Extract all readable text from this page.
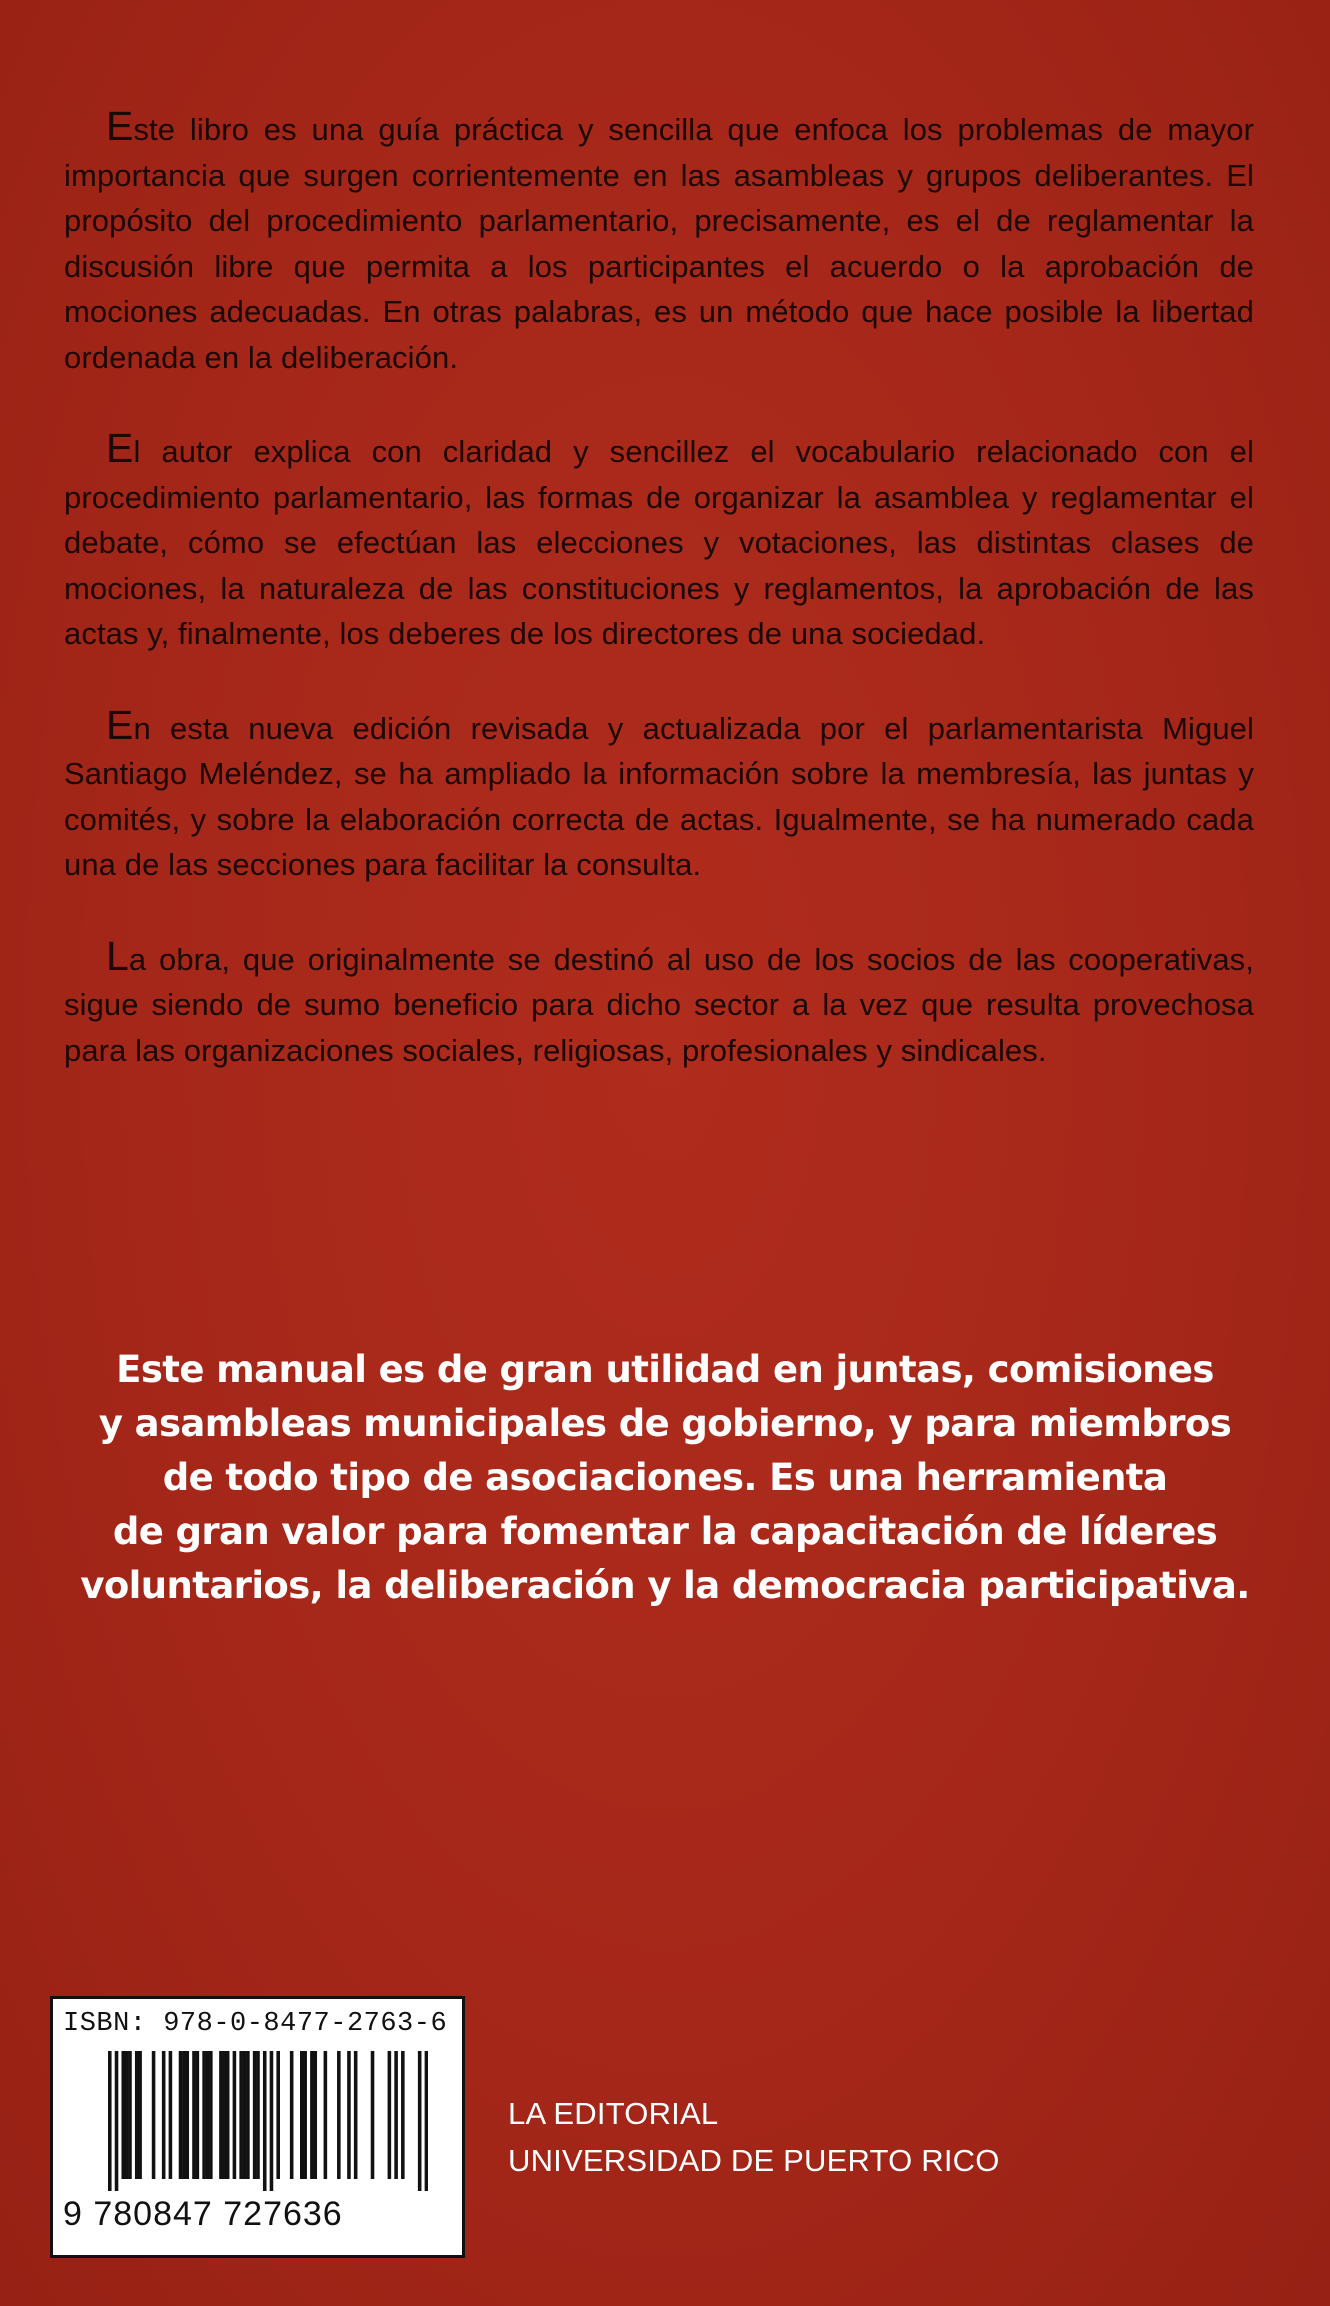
Este libro es una guía práctica y sencilla que enfoca los problemas de mayor importancia que surgen corrientemente en las asambleas y grupos deliberantes. El propósito del procedimiento parlamentario, precisamente, es el de reglamentar la discusión libre que permita a los participantes el acuerdo o la aprobación de mociones adecuadas. En otras palabras, es un método que hace posible la libertad ordenada en la deliberación.

El autor explica con claridad y sencillez el vocabulario relacionado con el procedimiento parlamentario, las formas de organizar la asamblea y reglamentar el debate, cómo se efectúan las elecciones y votaciones, las distintas clases de mociones, la naturaleza de las constituciones y reglamentos, la aprobación de las actas y, finalmente, los deberes de los directores de una sociedad.

En esta nueva edición revisada y actualizada por el parlamentarista Miguel Santiago Meléndez, se ha ampliado la información sobre la membresía, las juntas y comités, y sobre la elaboración correcta de actas. Igualmente, se ha numerado cada una de las secciones para facilitar la consulta.

La obra, que originalmente se destinó al uso de los socios de las cooperativas, sigue siendo de sumo beneficio para dicho sector a la vez que resulta provechosa para las organizaciones sociales, religiosas, profesionales y sindicales.

Este manual es de gran utilidad en juntas, comisiones
y asambleas municipales de gobierno, y para miembros
de todo tipo de asociaciones. Es una herramienta
de gran valor para fomentar la capacitación de líderes
voluntarios, la deliberación y la democracia participativa.
ISBN: 978-0-8477-2763-6
9 780847 727636
LA EDITORIAL
UNIVERSIDAD DE PUERTO RICO
